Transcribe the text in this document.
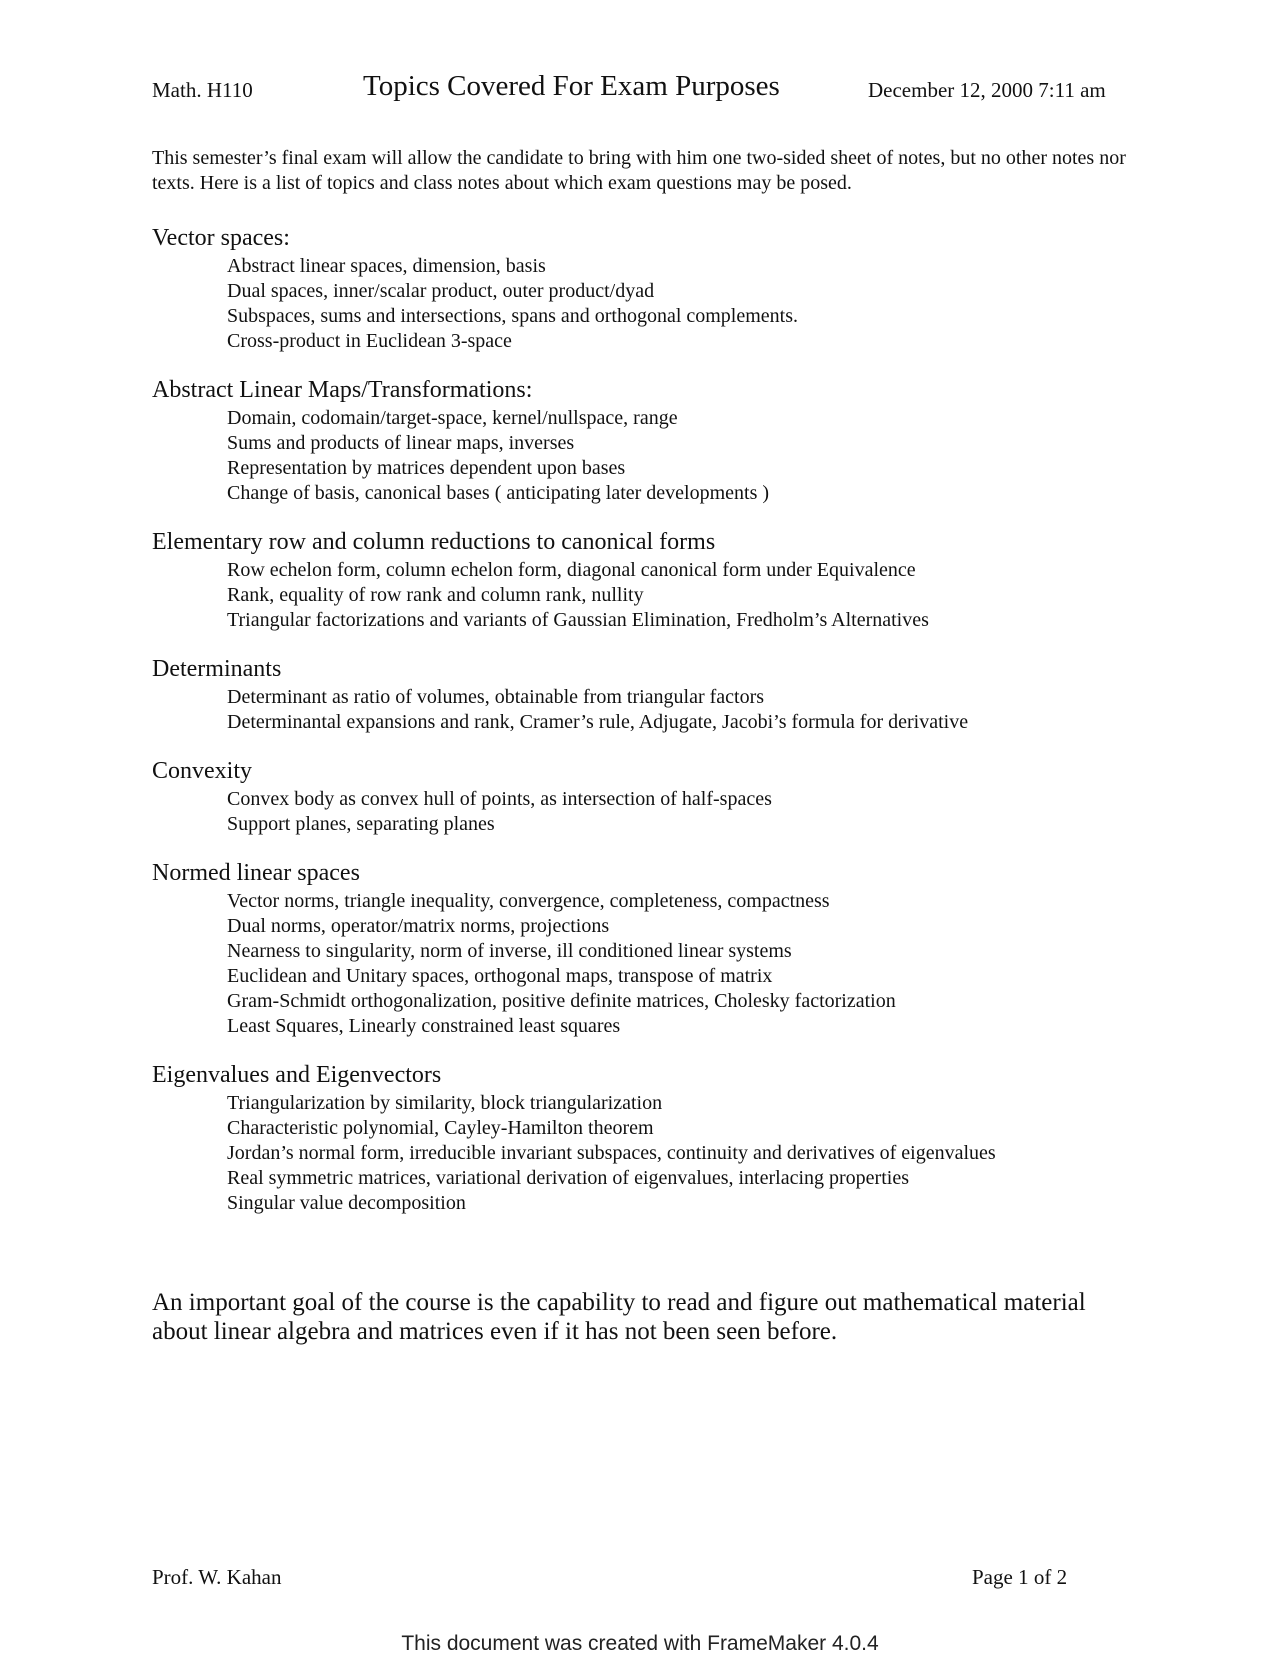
Math. H110	Topics Covered For Exam Purposes	December 12, 2000 7:11 am

This semester’s final exam will allow the candidate to bring with him one two-sided sheet of notes, but no other notes nor texts. Here is a list of topics and class notes about which exam questions may be posed.

Vector spaces:
Abstract linear spaces, dimension, basis
Dual spaces, inner/scalar product, outer product/dyad
Subspaces, sums and intersections, spans and orthogonal complements.
Cross-product in Euclidean 3-space
Abstract Linear Maps/Transformations:
Domain, codomain/target-space, kernel/nullspace, range
Sums and products of linear maps, inverses
Representation by matrices dependent upon bases
Change of basis, canonical bases ( anticipating later developments )
Elementary row and column reductions to canonical forms
Row echelon form, column echelon form, diagonal canonical form under Equivalence
Rank, equality of row rank and column rank, nullity
Triangular factorizations and variants of Gaussian Elimination, Fredholm’s Alternatives
Determinants
Determinant as ratio of volumes, obtainable from triangular factors
Determinantal expansions and rank, Cramer’s rule, Adjugate, Jacobi’s formula for derivative
Convexity
Convex body as convex hull of points, as intersection of half-spaces
Support planes, separating planes
Normed linear spaces
Vector norms, triangle inequality, convergence, completeness, compactness
Dual norms, operator/matrix norms, projections
Nearness to singularity, norm of inverse, ill conditioned linear systems
Euclidean and Unitary spaces, orthogonal maps, transpose of matrix
Gram-Schmidt orthogonalization, positive definite matrices, Cholesky factorization
Least Squares, Linearly constrained least squares
Eigenvalues and Eigenvectors
Triangularization by similarity, block triangularization
Characteristic polynomial, Cayley-Hamilton theorem
Jordan’s normal form, irreducible invariant subspaces, continuity and derivatives of eigenvalues
Real symmetric matrices, variational derivation of eigenvalues, interlacing properties
Singular value decomposition

An important goal of the course is the capability to read and figure out mathematical material about linear algebra and matrices even if it has not been seen before.

Prof. W. Kahan	Page 1 of 2
This document was created with FrameMaker 4.0.4
